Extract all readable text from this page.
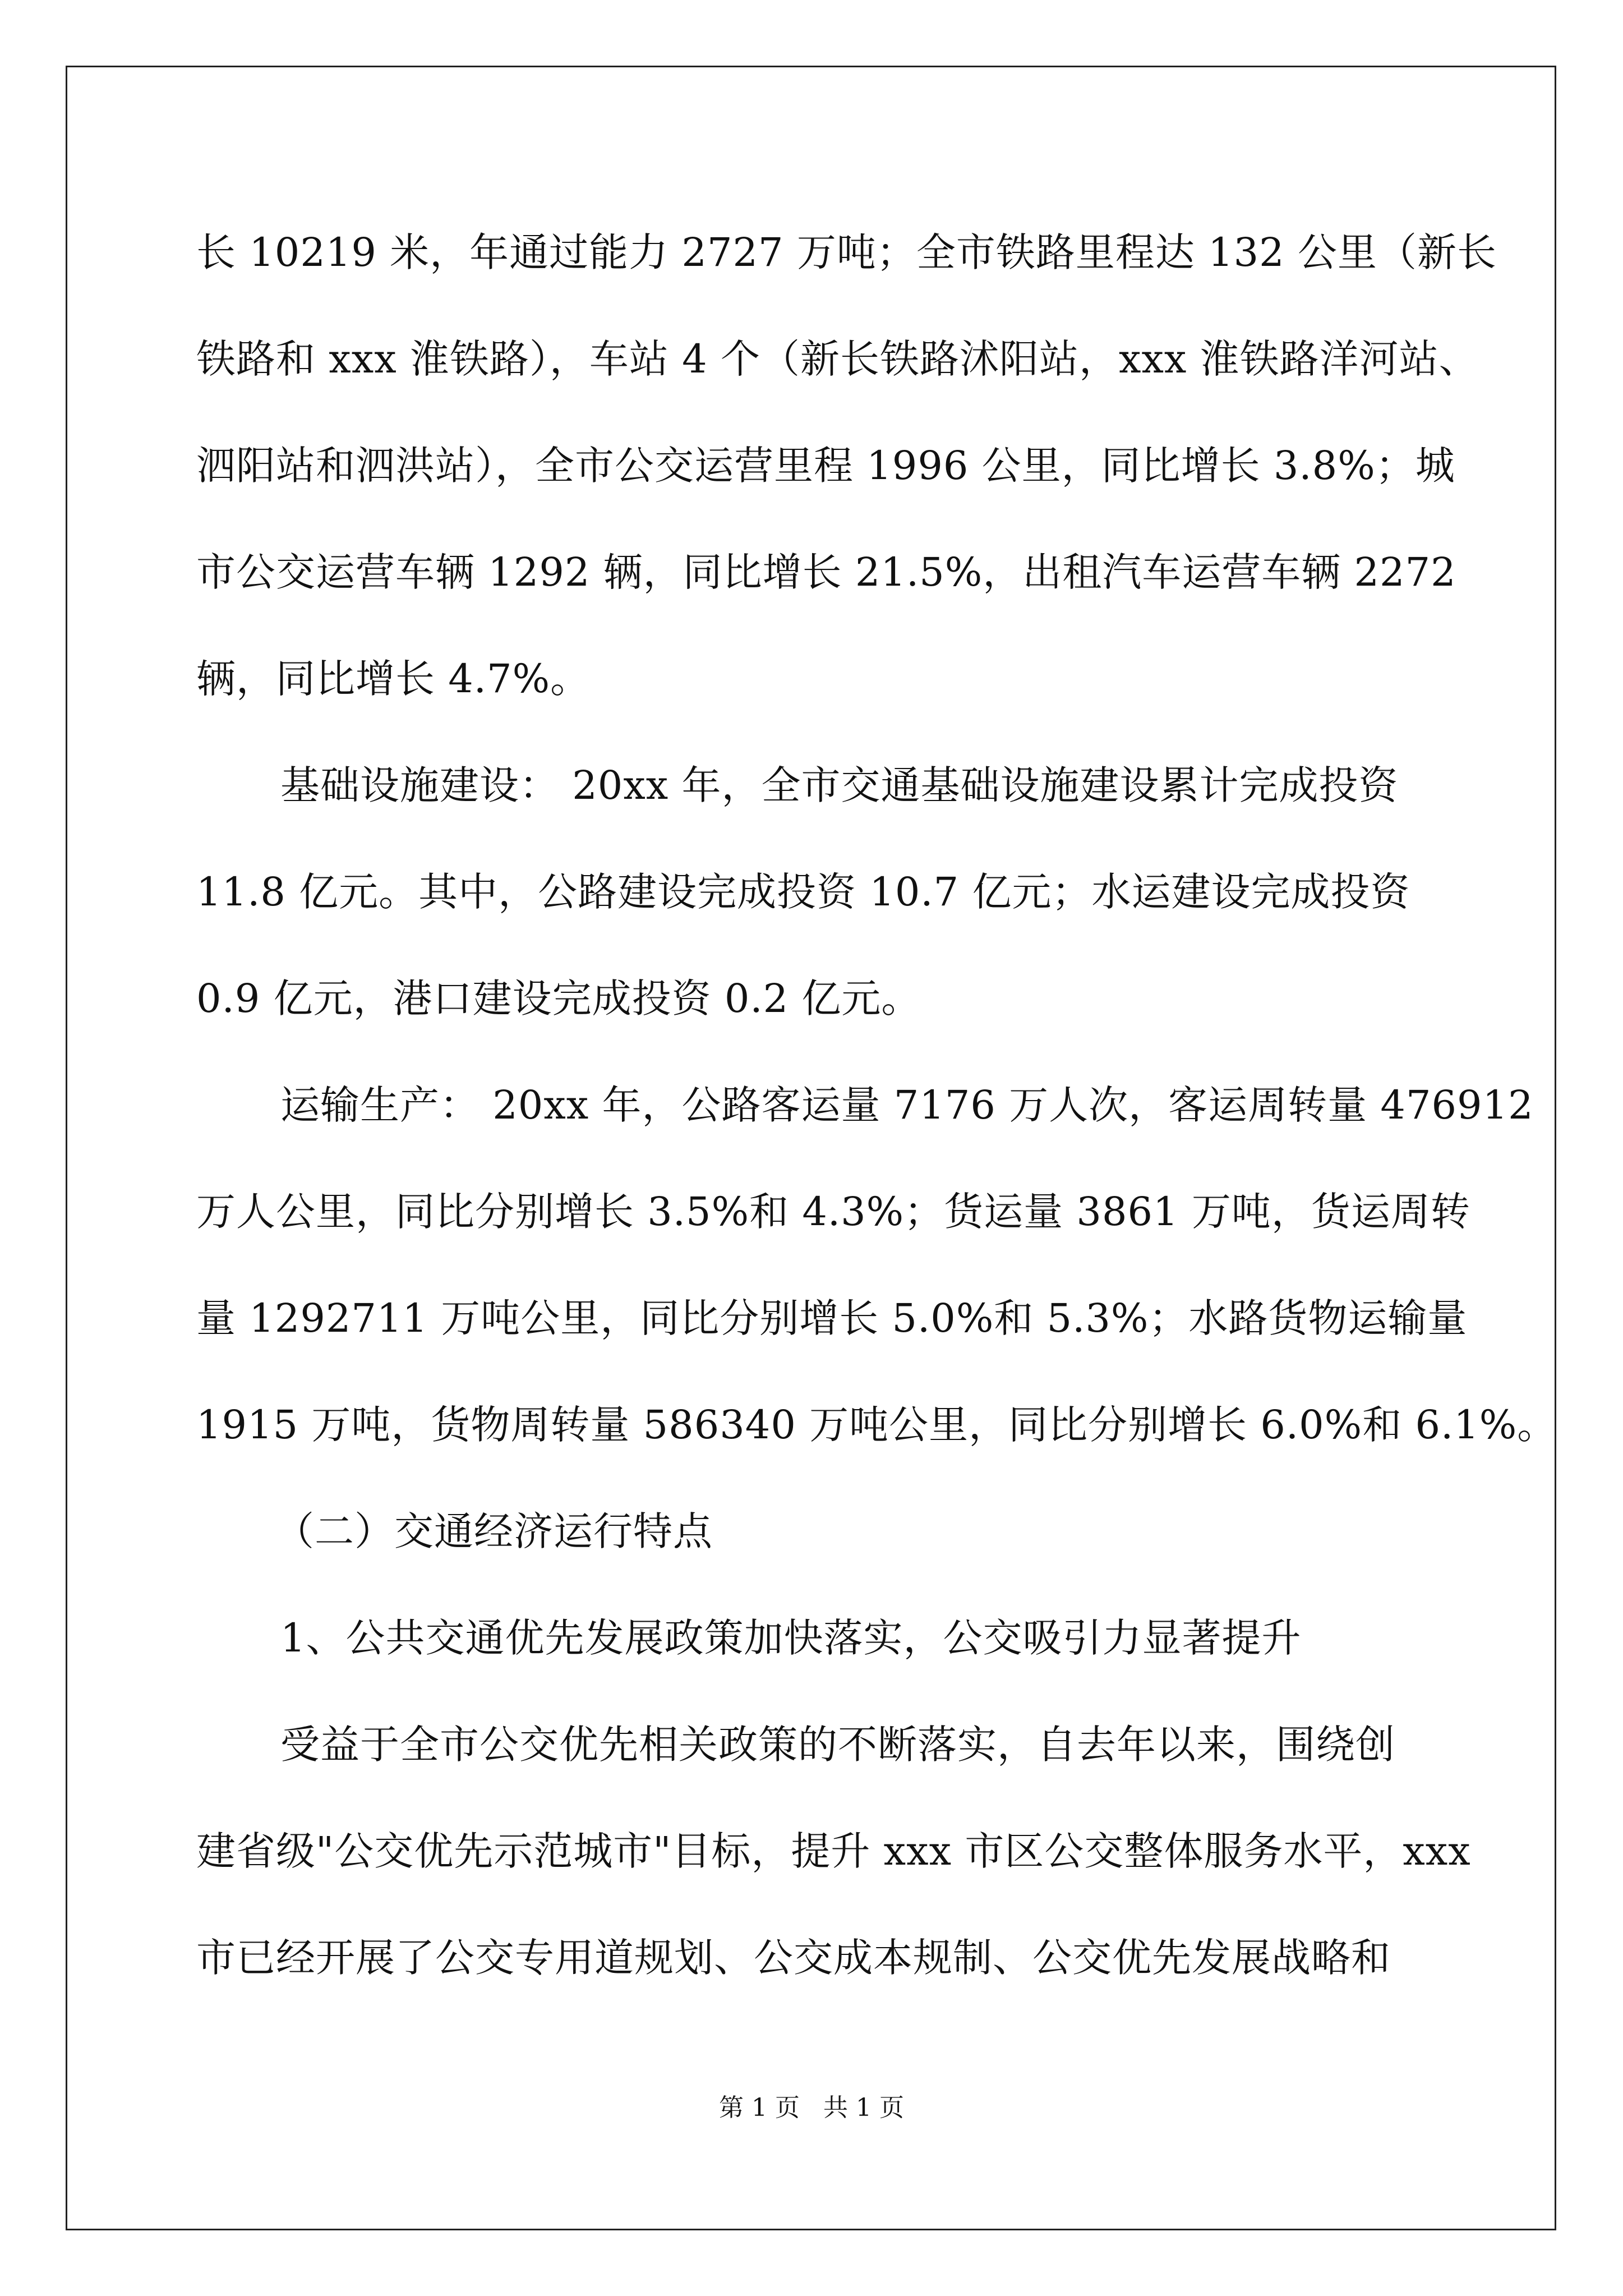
长 10219 米，年通过能力 2727 万吨；全市铁路里程达 132 公里（新长
铁路和 xxx 淮铁路），车站 4 个（新长铁路沭阳站，xxx 淮铁路洋河站、
泗阳站和泗洪站），全市公交运营里程 1996 公里，同比增长 3.8%；城
市公交运营车辆 1292 辆，同比增长 21.5%，出租汽车运营车辆 2272
辆，同比增长 4.7%。
基础设施建设： 20xx 年，全市交通基础设施建设累计完成投资
11.8 亿元。其中，公路建设完成投资 10.7 亿元；水运建设完成投资
0.9 亿元，港口建设完成投资 0.2 亿元。
运输生产： 20xx 年，公路客运量 7176 万人次，客运周转量 476912
万人公里，同比分别增长 3.5%和 4.3%；货运量 3861 万吨，货运周转
量 1292711 万吨公里，同比分别增长 5.0%和 5.3%；水路货物运输量
1915 万吨，货物周转量 586340 万吨公里，同比分别增长 6.0%和 6.1%。
（二）交通经济运行特点
1、公共交通优先发展政策加快落实，公交吸引力显著提升
受益于全市公交优先相关政策的不断落实，自去年以来，围绕创
建省级"公交优先示范城市"目标，提升 xxx 市区公交整体服务水平，xxx
市已经开展了公交专用道规划、公交成本规制、公交优先发展战略和
第 1 页   共 1 页
